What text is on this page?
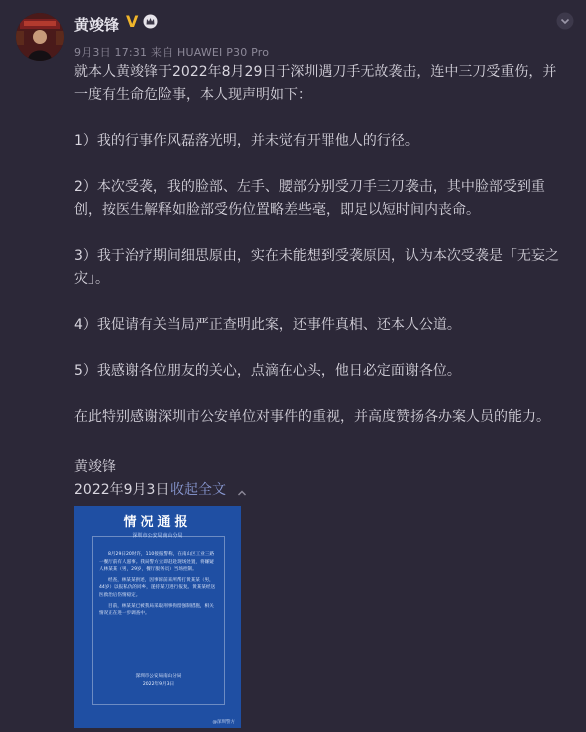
黄竣锋 V
9月3日 17:31 来自 HUAWEI P30 Pro

就本人黄竣锋于2022年8月29日于深圳遇刀手无故袭击，连中三刀受重伤，并一度有生命危险事，本人现声明如下：

1）我的行事作风磊落光明，并未觉有开罪他人的行径。

2）本次受袭，我的脸部、左手、腰部分别受刀手三刀袭击，其中脸部受到重创，按医生解释如脸部受伤位置略差些毫，即足以短时间内丧命。

3）我于治疗期间细思原由，实在未能想到受袭原因，认为本次受袭是「无妄之灾」。

4）我促请有关当局严正查明此案，还事件真相、还本人公道。

5）我感谢各位朋友的关心，点滴在心头，他日必定面谢各位。

在此特别感谢深圳市公安单位对事件的重视，并高度赞扬各办案人员的能力。

黄竣锋
2022年9月3日 收起全文
情况通报
深圳市公安局南山分局

8月29日20时许，110接报警称，在南山区工业三路一餐厅前有人滋事。我局警方立即赶赴现场处置，将嫌疑人林某某（男，29岁，餐厅服务员）当场控制。

经查，林某某供述，因事诉前来所帮打黄某某（男，44岁）以报私仇的同乡，遂持某刀进行报复。黄某某经送医救治后伤情稳定。

目前，林某某已被我局采取刑事拘留强制措施，相关情况正在进一步调查中。

深圳市公安局南山分局
2022年9月3日
@深圳警方
